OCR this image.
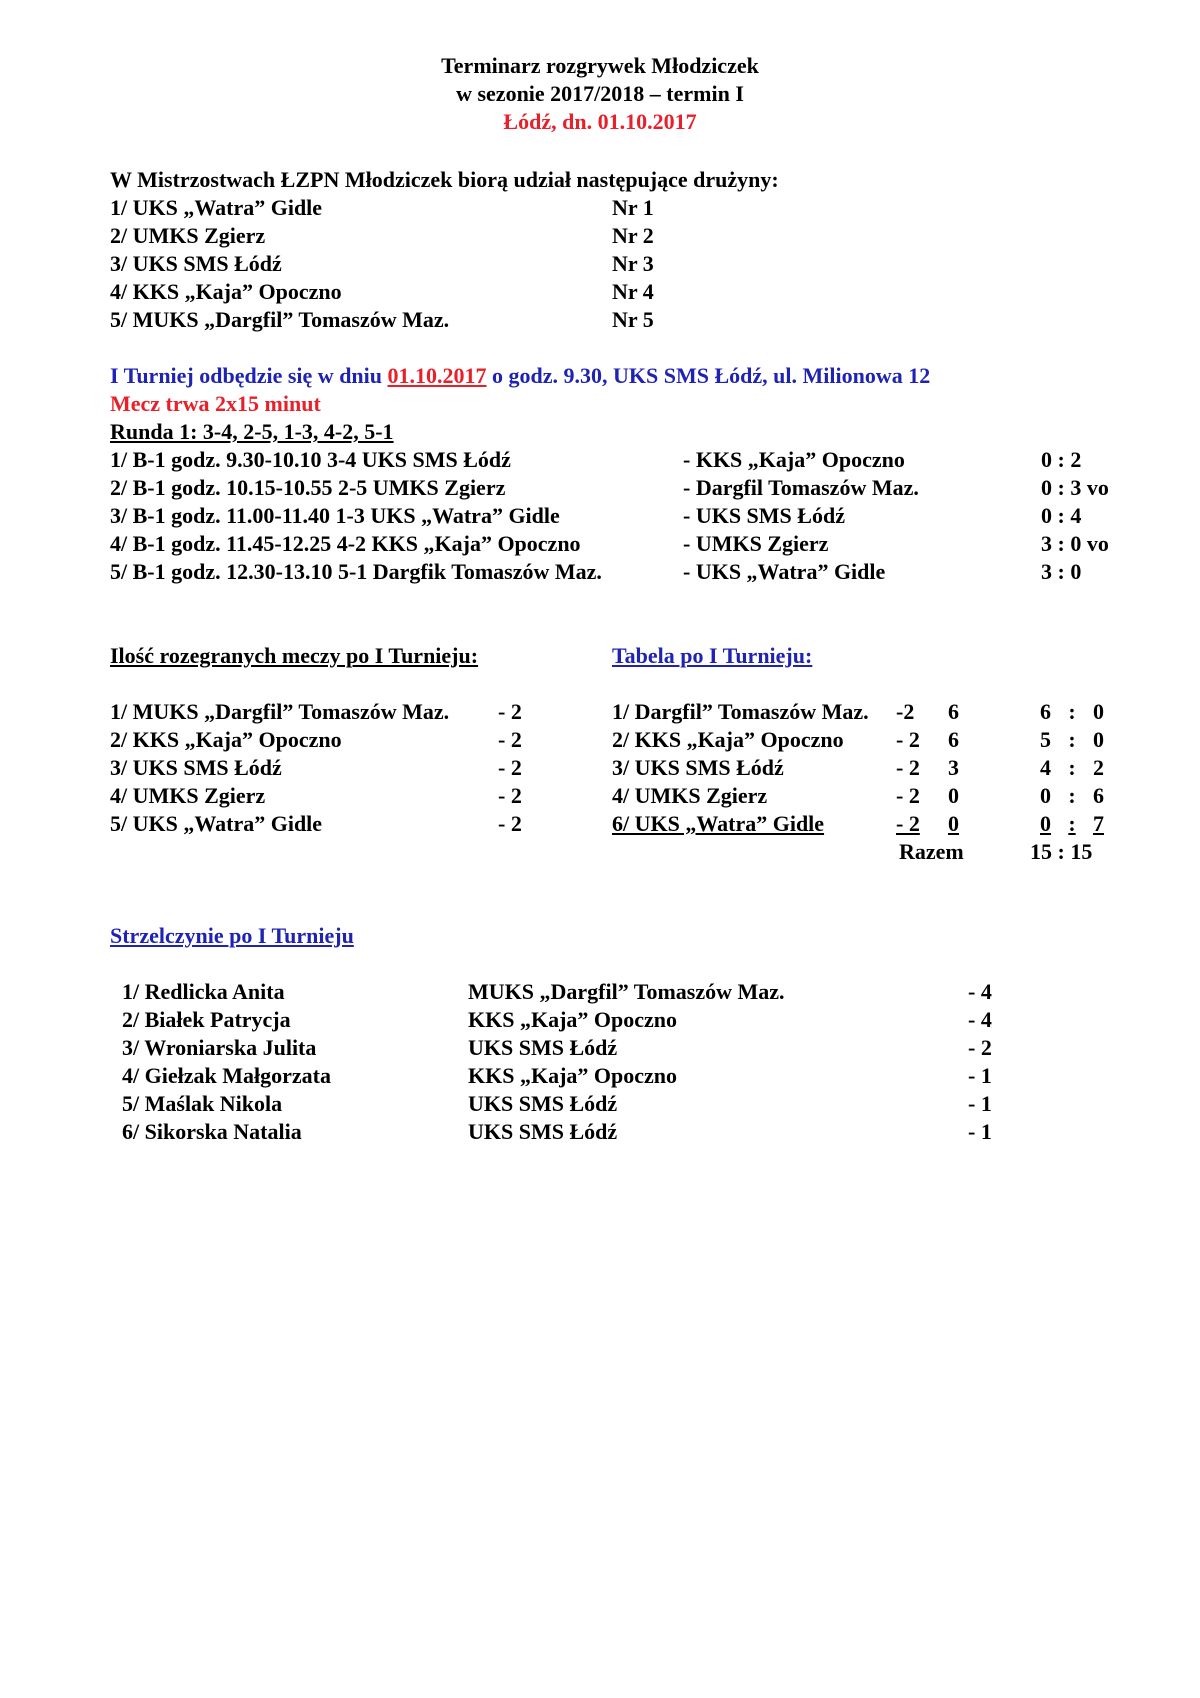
Terminarz rozgrywek Młodziczek
w sezonie 2017/2018 – termin I
Łódź, dn. 01.10.2017
W Mistrzostwach ŁZPN Młodziczek biorą udział następujące drużyny:
1/ UKS „Watra” Gidle	Nr 1
2/ UMKS Zgierz	Nr 2
3/ UKS SMS Łódź	Nr 3
4/ KKS „Kaja” Opoczno	Nr 4
5/ MUKS „Dargfil” Tomaszów Maz.	Nr 5
I Turniej odbędzie się w dniu 01.10.2017 o godz. 9.30, UKS SMS Łódź, ul. Milionowa 12
Mecz trwa 2x15 minut
Runda 1: 3-4, 2-5, 1-3, 4-2, 5-1
1/ B-1 godz. 9.30-10.10 3-4 UKS SMS Łódź	- KKS „Kaja” Opoczno	0 : 2
2/ B-1 godz. 10.15-10.55 2-5 UMKS Zgierz	- Dargfil Tomaszów Maz.	0 : 3 vo
3/ B-1 godz. 11.00-11.40 1-3 UKS „Watra” Gidle	- UKS SMS Łódź	0 : 4
4/ B-1 godz. 11.45-12.25 4-2 KKS „Kaja” Opoczno	- UMKS Zgierz	3 : 0 vo
5/ B-1 godz. 12.30-13.10 5-1 Dargfik Tomaszów Maz.	- UKS „Watra” Gidle	3 : 0
Ilość rozegranych meczy po I Turnieju:
1/ MUKS „Dargfil” Tomaszów Maz. - 2
2/ KKS „Kaja” Opoczno	- 2
3/ UKS SMS Łódź	- 2
4/ UMKS Zgierz	- 2
5/ UKS „Watra” Gidle	- 2
Tabela po I Turnieju:
1/ Dargfil” Tomaszów Maz.	-2	6	6 : 0
2/ KKS „Kaja” Opoczno	- 2	6	5 : 0
3/ UKS SMS Łódź	- 2	3	4 : 2
4/ UMKS Zgierz	- 2	0	0 : 6
6/ UKS „Watra” Gidle	- 2	0	0 : 7
Razem	15 : 15
Strzelczynie po I Turnieju
1/ Redlicka Anita	MUKS „Dargfil” Tomaszów Maz.	- 4
2/ Białek Patrycja	KKS „Kaja” Opoczno	- 4
3/ Wroniarska Julita	UKS SMS Łódź	- 2
4/ Giełzak Małgorzata	KKS „Kaja” Opoczno	- 1
5/ Maślak Nikola	UKS SMS Łódź	- 1
6/ Sikorska Natalia	UKS SMS Łódź	- 1
